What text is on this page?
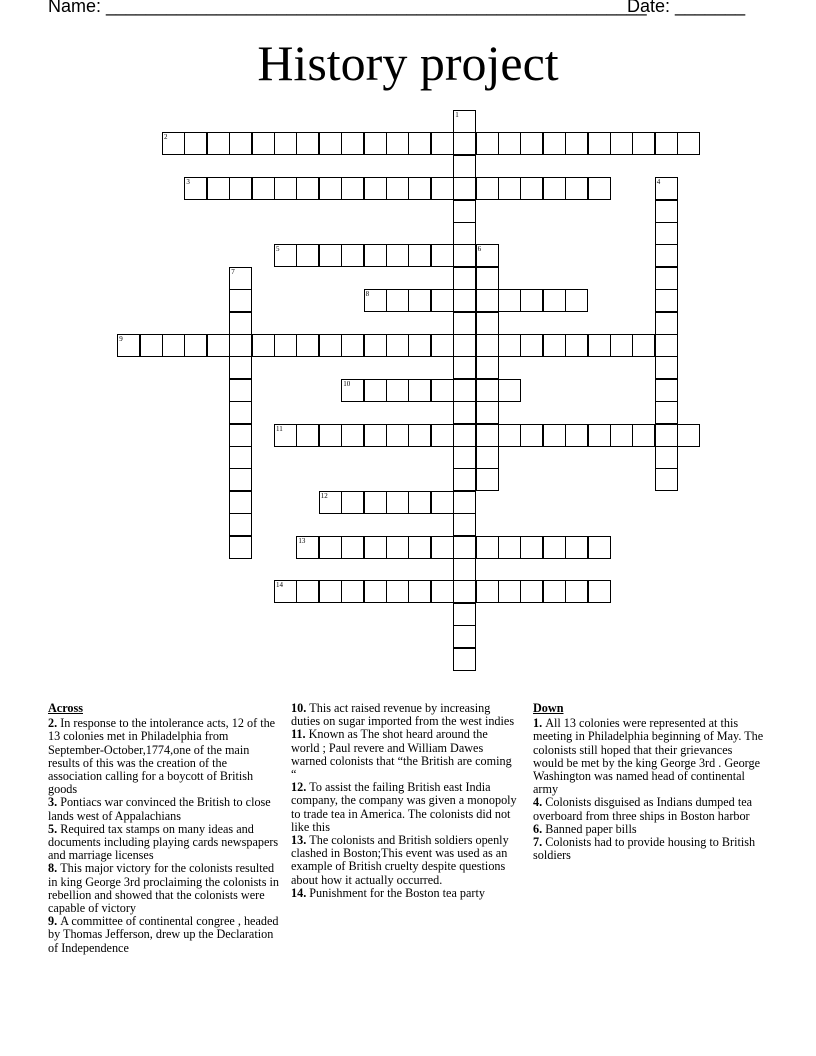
Name: ______________________________________________________
Date: _______
History project
1
2
3	4
5	6
7
8
9
10
11
12
13
14
Across
2. In response to the intolerance acts, 12 of the 13 colonies met in Philadelphia from September-October,1774,one of the main results of this was the creation of the association calling for a boycott of British goods
3. Pontiacs war convinced the British to close lands west of Appalachians
5. Required tax stamps on many ideas and documents including playing cards newspapers and marriage licenses
8. This major victory for the colonists resulted in king George 3rd proclaiming the colonists in rebellion and showed that the colonists were capable of victory
9. A committee of continental congree , headed by Thomas Jefferson, drew up the Declaration of Independence
10. This act raised revenue by increasing duties on sugar imported from the west indies
11. Known as The shot heard around the world ; Paul revere and William Dawes warned colonists that “the British are coming “
12. To assist the failing British east India company, the company was given a monopoly to trade tea in America. The colonists did not like this
13. The colonists and British soldiers openly clashed in Boston;This event was used as an example of British cruelty despite questions about how it actually occurred.
14. Punishment for the Boston tea party
Down
1. All 13 colonies were represented at this meeting in Philadelphia beginning of May. The colonists still hoped that their grievances would be met by the king George 3rd . George Washington was named head of continental army
4. Colonists disguised as Indians dumped tea overboard from three ships in Boston harbor
6. Banned paper bills
7. Colonists had to provide housing to British soldiers
